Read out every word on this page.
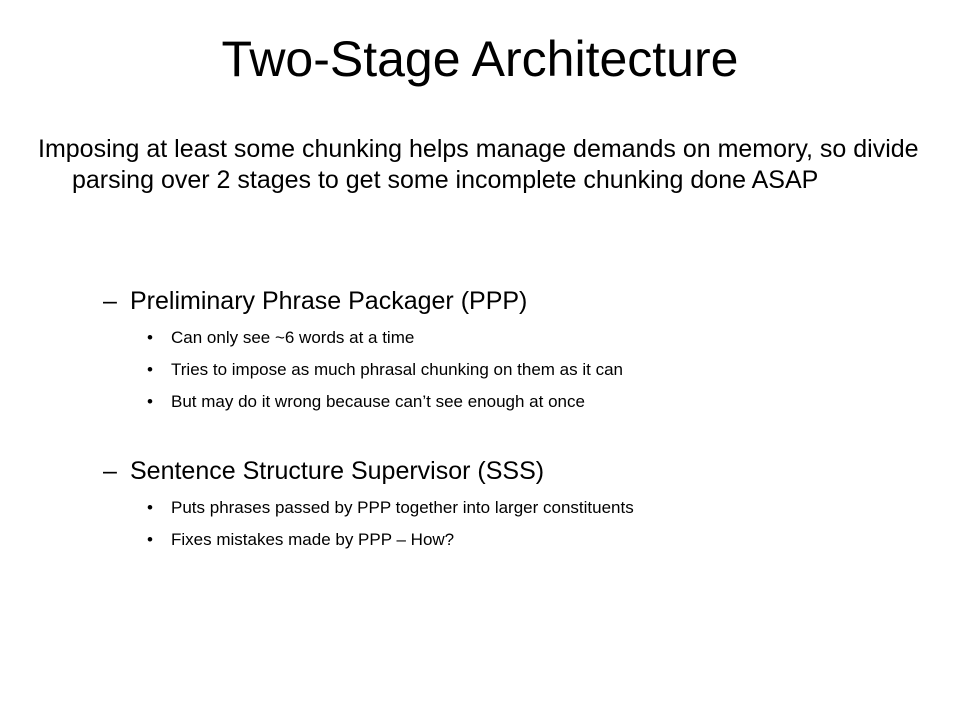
Two-Stage Architecture

Imposing at least some chunking helps manage demands on memory, so divide parsing over 2 stages to get some incomplete chunking done ASAP

– Preliminary Phrase Packager (PPP)
• Can only see ~6 words at a time
• Tries to impose as much phrasal chunking on them as it can
• But may do it wrong because can’t see enough at once
– Sentence Structure Supervisor (SSS)
• Puts phrases passed by PPP together into larger constituents
• Fixes mistakes made by PPP – How?
